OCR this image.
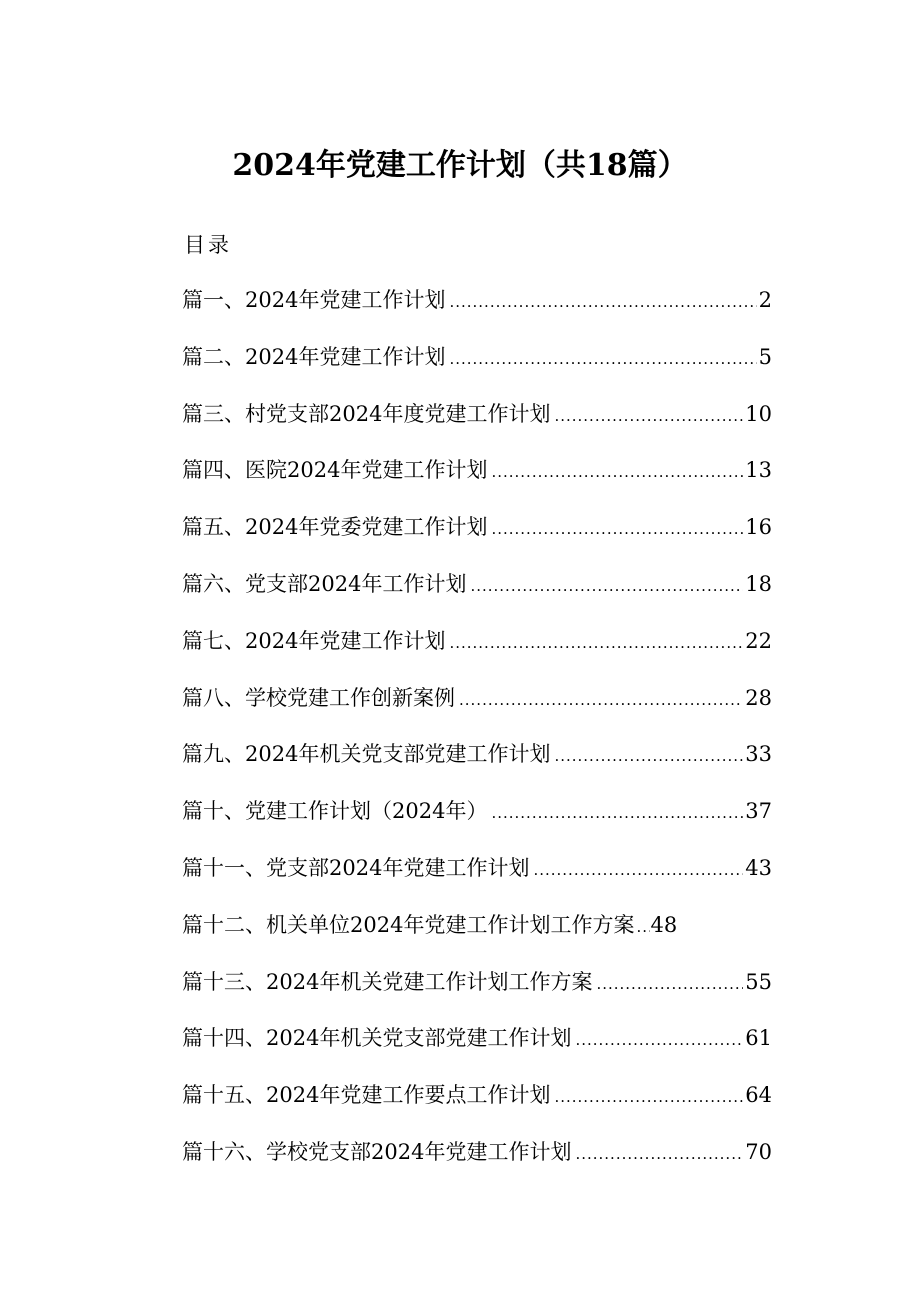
2024年党建工作计划（共18篇）
目录
篇一、2024年党建工作计划 .....	2
篇二、2024年党建工作计划 .....	5
篇三、村党支部2024年度党建工作计划 .....	10
篇四、医院2024年党建工作计划 .....	13
篇五、2024年党委党建工作计划 .....	16
篇六、党支部2024年工作计划 .....	18
篇七、2024年党建工作计划 .....	22
篇八、学校党建工作创新案例 .....	28
篇九、2024年机关党支部党建工作计划 .....	33
篇十、党建工作计划（2024年） .....	37
篇十一、党支部2024年党建工作计划 .....	43
篇十二、机关单位2024年党建工作计划工作方案 ..... 48
篇十三、2024年机关党建工作计划工作方案 .....	55
篇十四、2024年机关党支部党建工作计划 .....	61
篇十五、2024年党建工作要点工作计划 .....	64
篇十六、学校党支部2024年党建工作计划 .....	70
